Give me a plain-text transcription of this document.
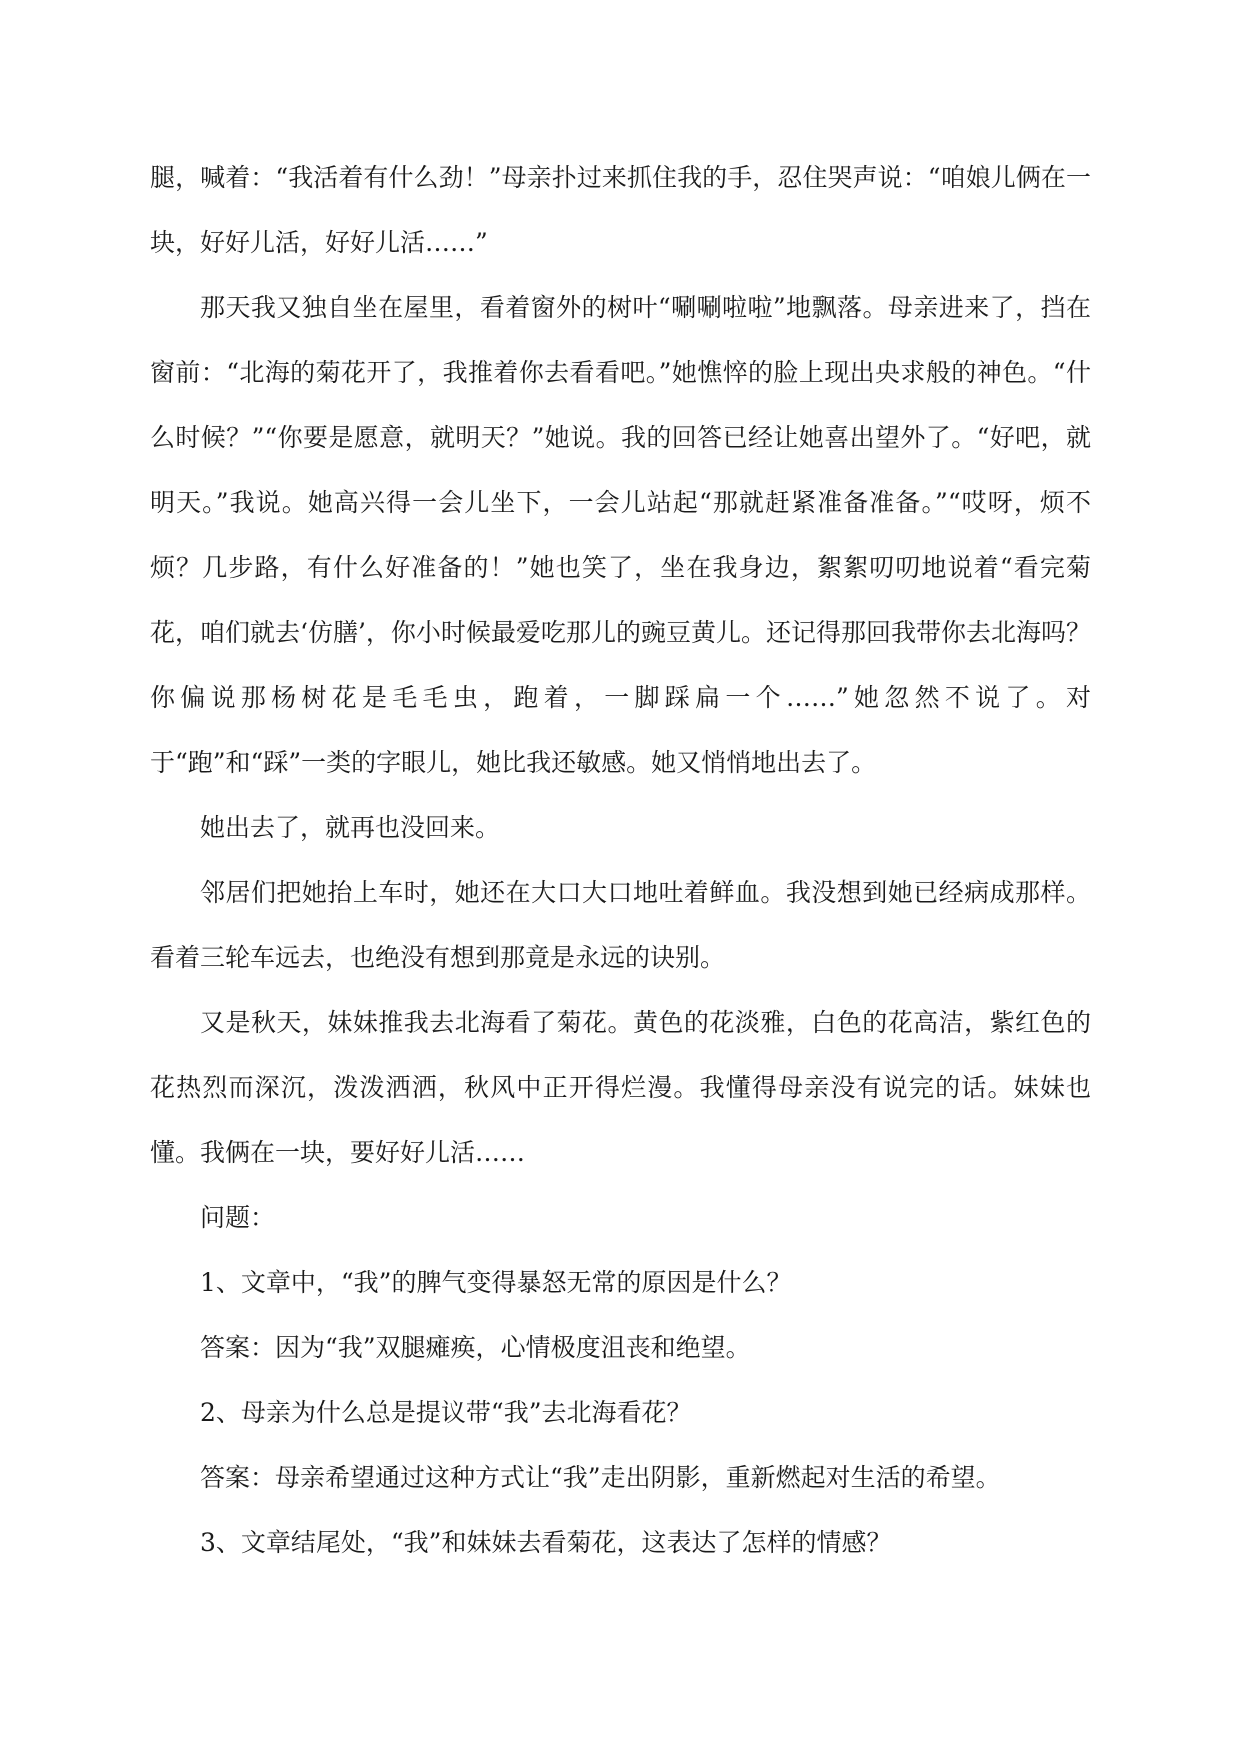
腿，喊着：“我活着有什么劲！”母亲扑过来抓住我的手，忍住哭声说：“咱娘儿俩在一块，好好儿活，好好儿活……”

那天我又独自坐在屋里，看着窗外的树叶“唰唰啦啦”地飘落。母亲进来了，挡在窗前：“北海的菊花开了，我推着你去看看吧。”她憔悴的脸上现出央求般的神色。“什么时候？”“你要是愿意，就明天？”她说。我的回答已经让她喜出望外了。“好吧，就明天。”我说。她高兴得一会儿坐下，一会儿站起“那就赶紧准备准备。”“哎呀，烦不烦？几步路，有什么好准备的！”她也笑了，坐在我身边，絮絮叨叨地说着“看完菊花，咱们就去‘仿膳’，你小时候最爱吃那儿的豌豆黄儿。还记得那回我带你去北海吗？你偏说那杨树花是毛毛虫，跑着，一脚踩扁一个……”她忽然不说了。对于“跑”和“踩”一类的字眼儿，她比我还敏感。她又悄悄地出去了。

她出去了，就再也没回来。

邻居们把她抬上车时，她还在大口大口地吐着鲜血。我没想到她已经病成那样。看着三轮车远去，也绝没有想到那竟是永远的诀别。

又是秋天，妹妹推我去北海看了菊花。黄色的花淡雅，白色的花高洁，紫红色的花热烈而深沉，泼泼洒洒，秋风中正开得烂漫。我懂得母亲没有说完的话。妹妹也懂。我俩在一块，要好好儿活……

问题：

1、文章中，“我”的脾气变得暴怒无常的原因是什么？

答案：因为“我”双腿瘫痪，心情极度沮丧和绝望。

2、母亲为什么总是提议带“我”去北海看花？

答案：母亲希望通过这种方式让“我”走出阴影，重新燃起对生活的希望。

3、文章结尾处，“我”和妹妹去看菊花，这表达了怎样的情感？
